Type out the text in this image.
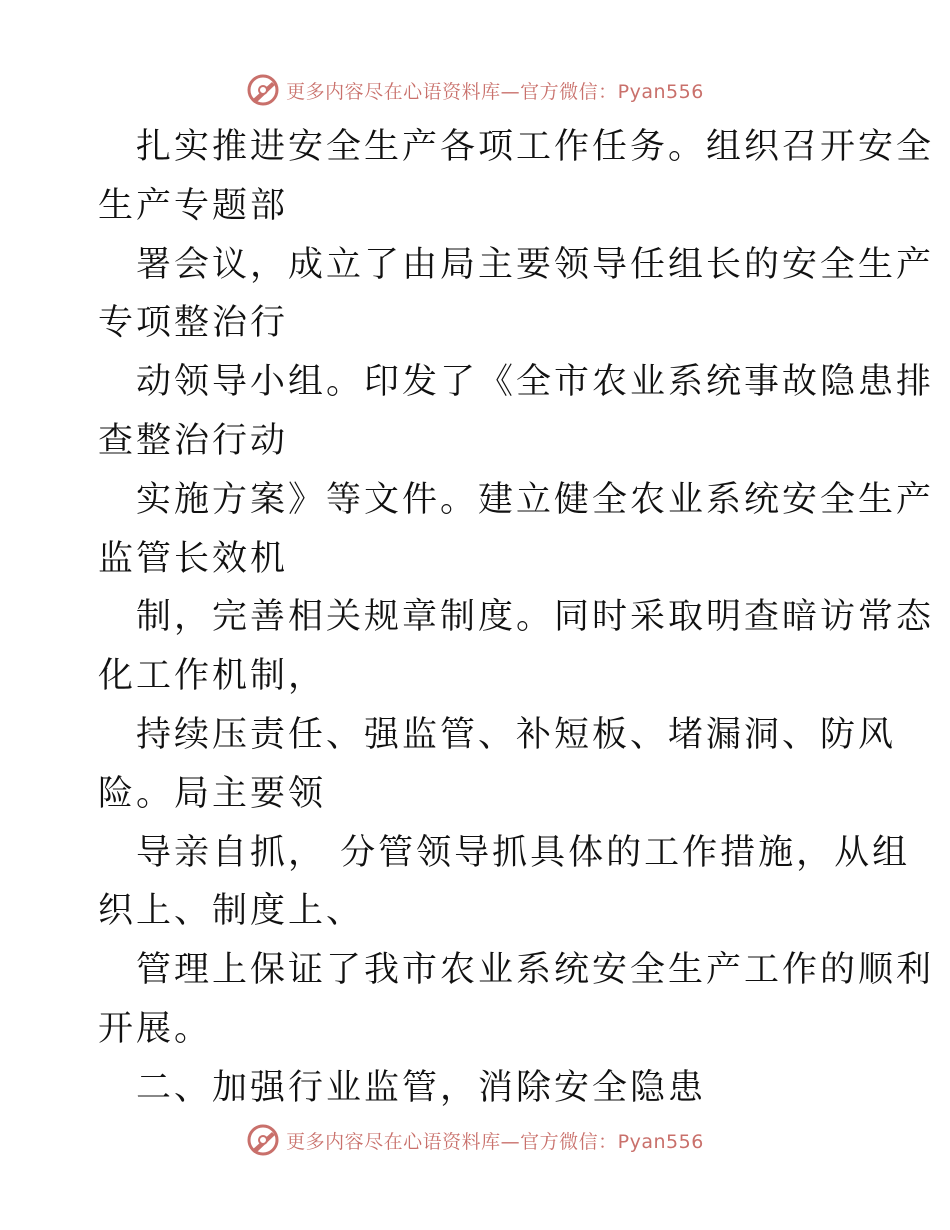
更多内容尽在心语资料库—官方微信：Pyan556
扎实推进安全生产各项工作任务。组织召开安全
生产专题部
署会议，成立了由局主要领导任组长的安全生产
专项整治行
动领导小组。印发了《全市农业系统事故隐患排
查整治行动
实施方案》等文件。建立健全农业系统安全生产
监管长效机
制，完善相关规章制度。同时采取明查暗访常态
化工作机制，
持续压责任、强监管、补短板、堵漏洞、防风
险。局主要领
导亲自抓， 分管领导抓具体的工作措施，从组
织上、制度上、
管理上保证了我市农业系统安全生产工作的顺利
开展。
二、加强行业监管，消除安全隐患
更多内容尽在心语资料库—官方微信：Pyan556
